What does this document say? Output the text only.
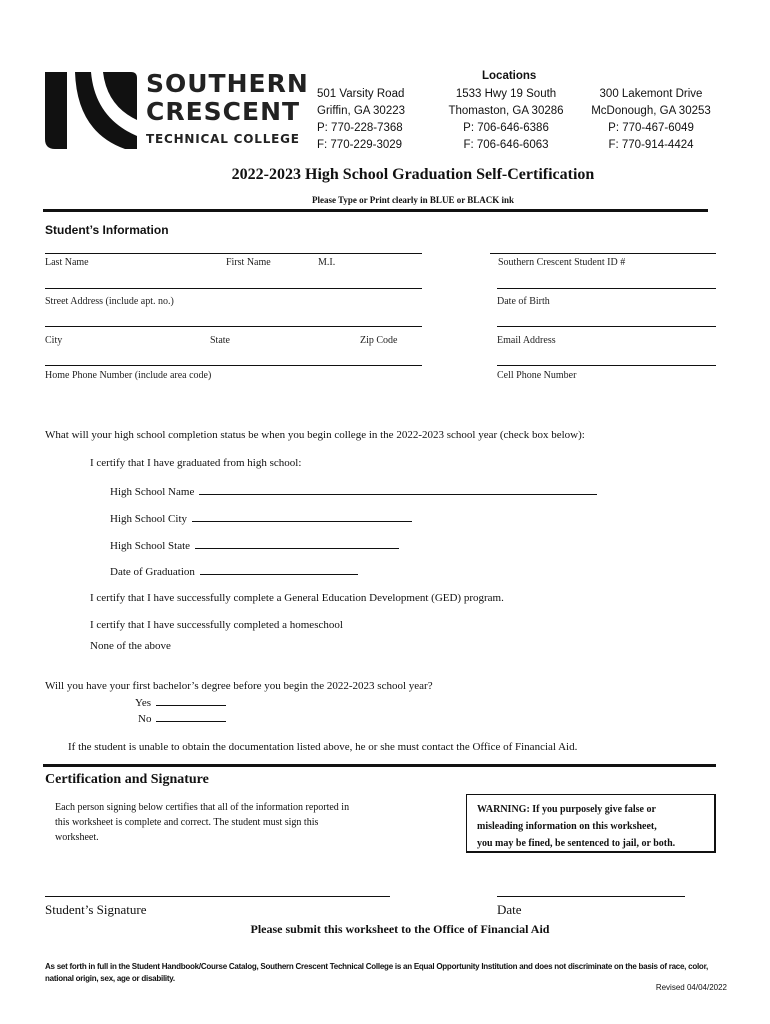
SOUTHERN
CRESCENT
TECHNICAL COLLEGE
Locations
501 Varsity Road
Griffin, GA 30223
P: 770-228-7368
F: 770-229-3029
1533 Hwy 19 South
Thomaston, GA 30286
P: 706-646-6386
F: 706-646-6063
300 Lakemont Drive
McDonough, GA 30253
P: 770-467-6049
F: 770-914-4424
2022-2023 High School Graduation Self-Certification
Please Type or Print clearly in BLUE or BLACK ink
Student’s Information
Last Name	First Name	M.I.	Southern Crescent Student ID #
Street Address (include apt. no.)	Date of Birth
City	State	Zip Code	Email Address
Home Phone Number (include area code)	Cell Phone Number
What will your high school completion status be when you begin college in the 2022-2023 school year (check box below):
I certify that I have graduated from high school:
High School Name
High School City
High School State
Date of Graduation
I certify that I have successfully complete a General Education Development (GED) program.
I certify that I have successfully completed a homeschool
None of the above
Will you have your first bachelor’s degree before you begin the 2022-2023 school year?
Yes
No
If the student is unable to obtain the documentation listed above, he or she must contact the Office of Financial Aid.
Certification and Signature
Each person signing below certifies that all of the information reported in
this worksheet is complete and correct. The student must sign this
worksheet.
WARNING: If you purposely give false or
misleading information on this worksheet,
you may be fined, be sentenced to jail, or both.
Student’s Signature	Date
Please submit this worksheet to the Office of Financial Aid
As set forth in full in the Student Handbook/Course Catalog, Southern Crescent Technical College is an Equal Opportunity Institution and does not discriminate on the basis of race, color,
national origin, sex, age or disability.
Revised 04/04/2022
